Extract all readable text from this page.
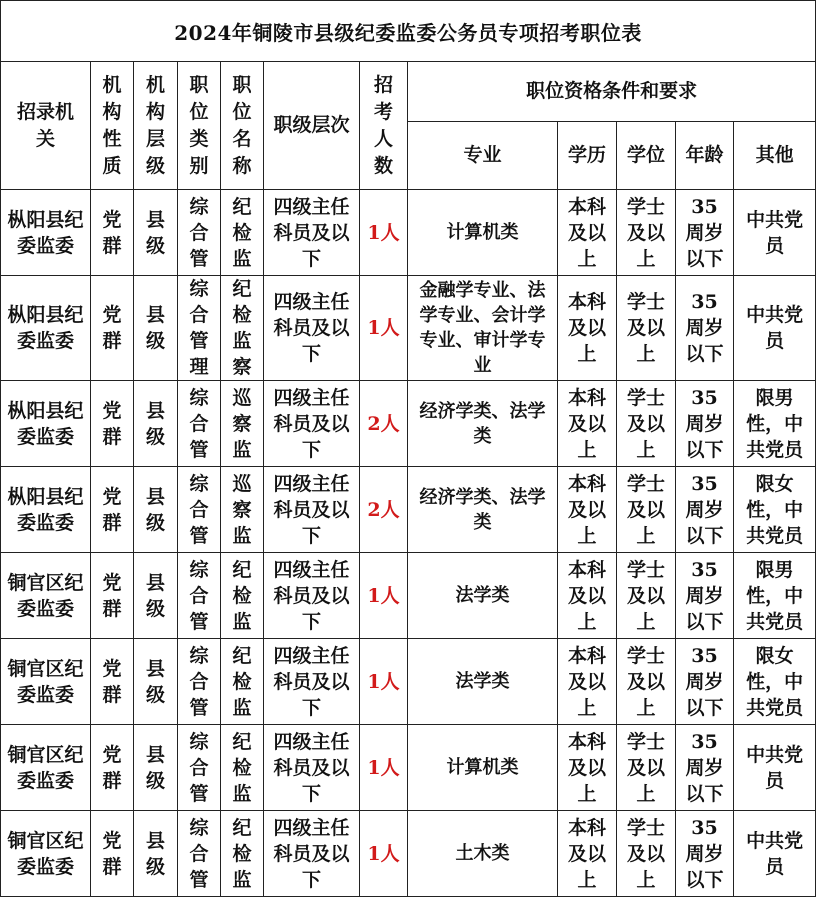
2024年铜陵市县级纪委监委公务员专项招考职位表											
招录机关	机构性质	机构层级	职位类别	职位名称	职级层次	招考人数	职位资格条件和要求				
							专业	学历	学位	年龄	其他
枞阳县纪委监委	党群	县级	综合管	纪检监	四级主任科员及以下	1人	计算机类	本科及以上	学士及以上	35周岁以下	中共党员
枞阳县纪委监委	党群	县级	综合管理	纪检监察	四级主任科员及以下	1人	金融学专业、法学专业、会计学专业、审计学专业	本科及以上	学士及以上	35周岁以下	中共党员
枞阳县纪委监委	党群	县级	综合管	巡察监	四级主任科员及以下	2人	经济学类、法学类	本科及以上	学士及以上	35周岁以下	限男性，中共党员
枞阳县纪委监委	党群	县级	综合管	巡察监	四级主任科员及以下	2人	经济学类、法学类	本科及以上	学士及以上	35周岁以下	限女性，中共党员
铜官区纪委监委	党群	县级	综合管	纪检监	四级主任科员及以下	1人	法学类	本科及以上	学士及以上	35周岁以下	限男性，中共党员
铜官区纪委监委	党群	县级	综合管	纪检监	四级主任科员及以下	1人	法学类	本科及以上	学士及以上	35周岁以下	限女性，中共党员
铜官区纪委监委	党群	县级	综合管	纪检监	四级主任科员及以下	1人	计算机类	本科及以上	学士及以上	35周岁以下	中共党员
铜官区纪委监委	党群	县级	综合管	纪检监	四级主任科员及以下	1人	土木类	本科及以上	学士及以上	35周岁以下	中共党员
